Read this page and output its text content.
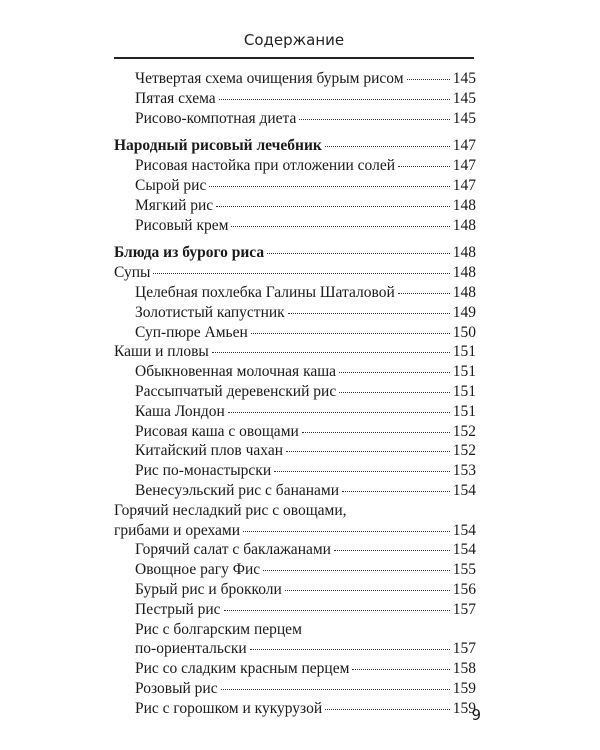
Содержание
Четвертая схема очищения бурым рисом	145
Пятая схема	145
Рисово-компотная диета	145
Народный рисовый лечебник	147
Рисовая настойка при отложении солей	147
Сырой рис	147
Мягкий рис	148
Рисовый крем	148
Блюда из бурого риса	148
Супы	148
Целебная похлебка Галины Шаталовой	148
Золотистый капустник	149
Суп-пюре Амьен	150
Каши и пловы	151
Обыкновенная молочная каша	151
Рассыпчатый деревенский рис	151
Каша Лондон	151
Рисовая каша с овощами	152
Китайский плов чахан	152
Рис по-монастырски	153
Венесуэльский рис с бананами	154
Горячий несладкий рис с овощами,
грибами и орехами	154
Горячий салат с баклажанами	154
Овощное рагу Фис	155
Бурый рис и брокколи	156
Пестрый рис	157
Рис с болгарским перцем
по-ориентальски	157
Рис со сладким красным перцем	158
Розовый рис	159
Рис с горошком и кукурузой	159
9
